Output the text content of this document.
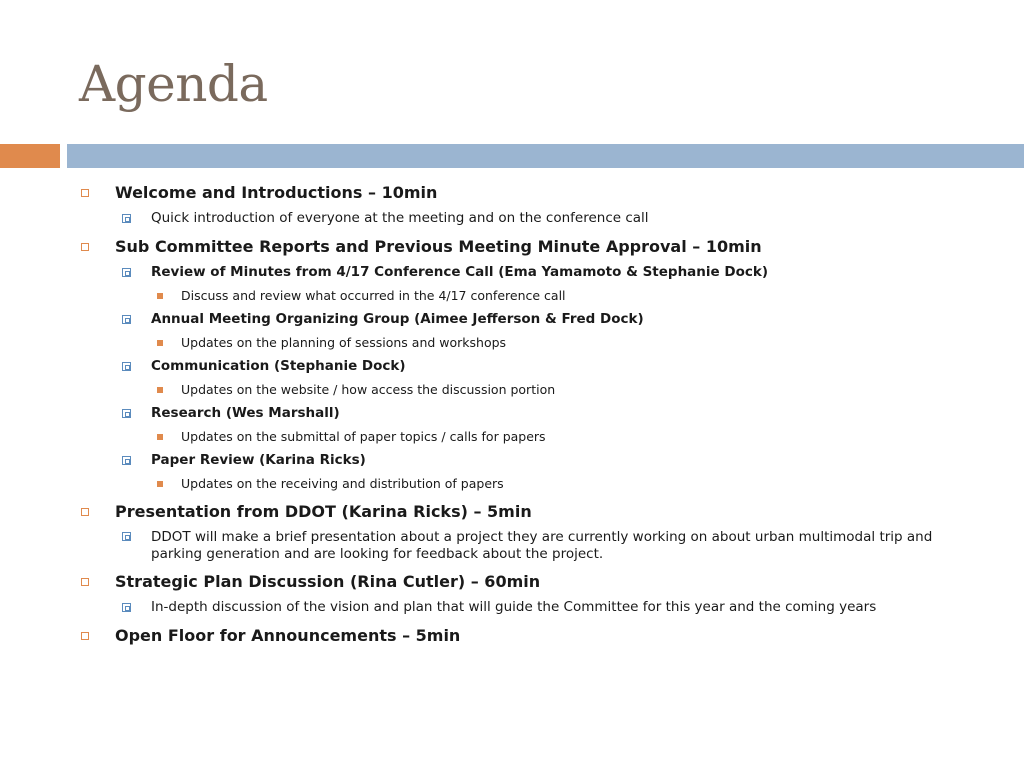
Agenda
Welcome and Introductions – 10min
Quick introduction of everyone at the meeting and on the conference call
Sub Committee Reports and Previous Meeting Minute Approval – 10min
Review of Minutes from 4/17 Conference Call (Ema Yamamoto & Stephanie Dock)
Discuss and review what occurred in the 4/17 conference call
Annual Meeting Organizing Group (Aimee Jefferson & Fred Dock)
Updates on the planning of sessions and workshops
Communication (Stephanie Dock)
Updates on the website / how access the discussion portion
Research (Wes Marshall)
Updates on the submittal of paper topics / calls for papers
Paper Review (Karina Ricks)
Updates on the receiving and distribution of papers
Presentation from DDOT (Karina Ricks) – 5min
DDOT will make a brief presentation about a project they are currently working on about urban multimodal trip and parking generation and are looking for feedback about the project.
Strategic Plan Discussion (Rina Cutler) – 60min
In-depth discussion of the vision and plan that will guide the Committee for this year and the coming years
Open Floor for Announcements – 5min
